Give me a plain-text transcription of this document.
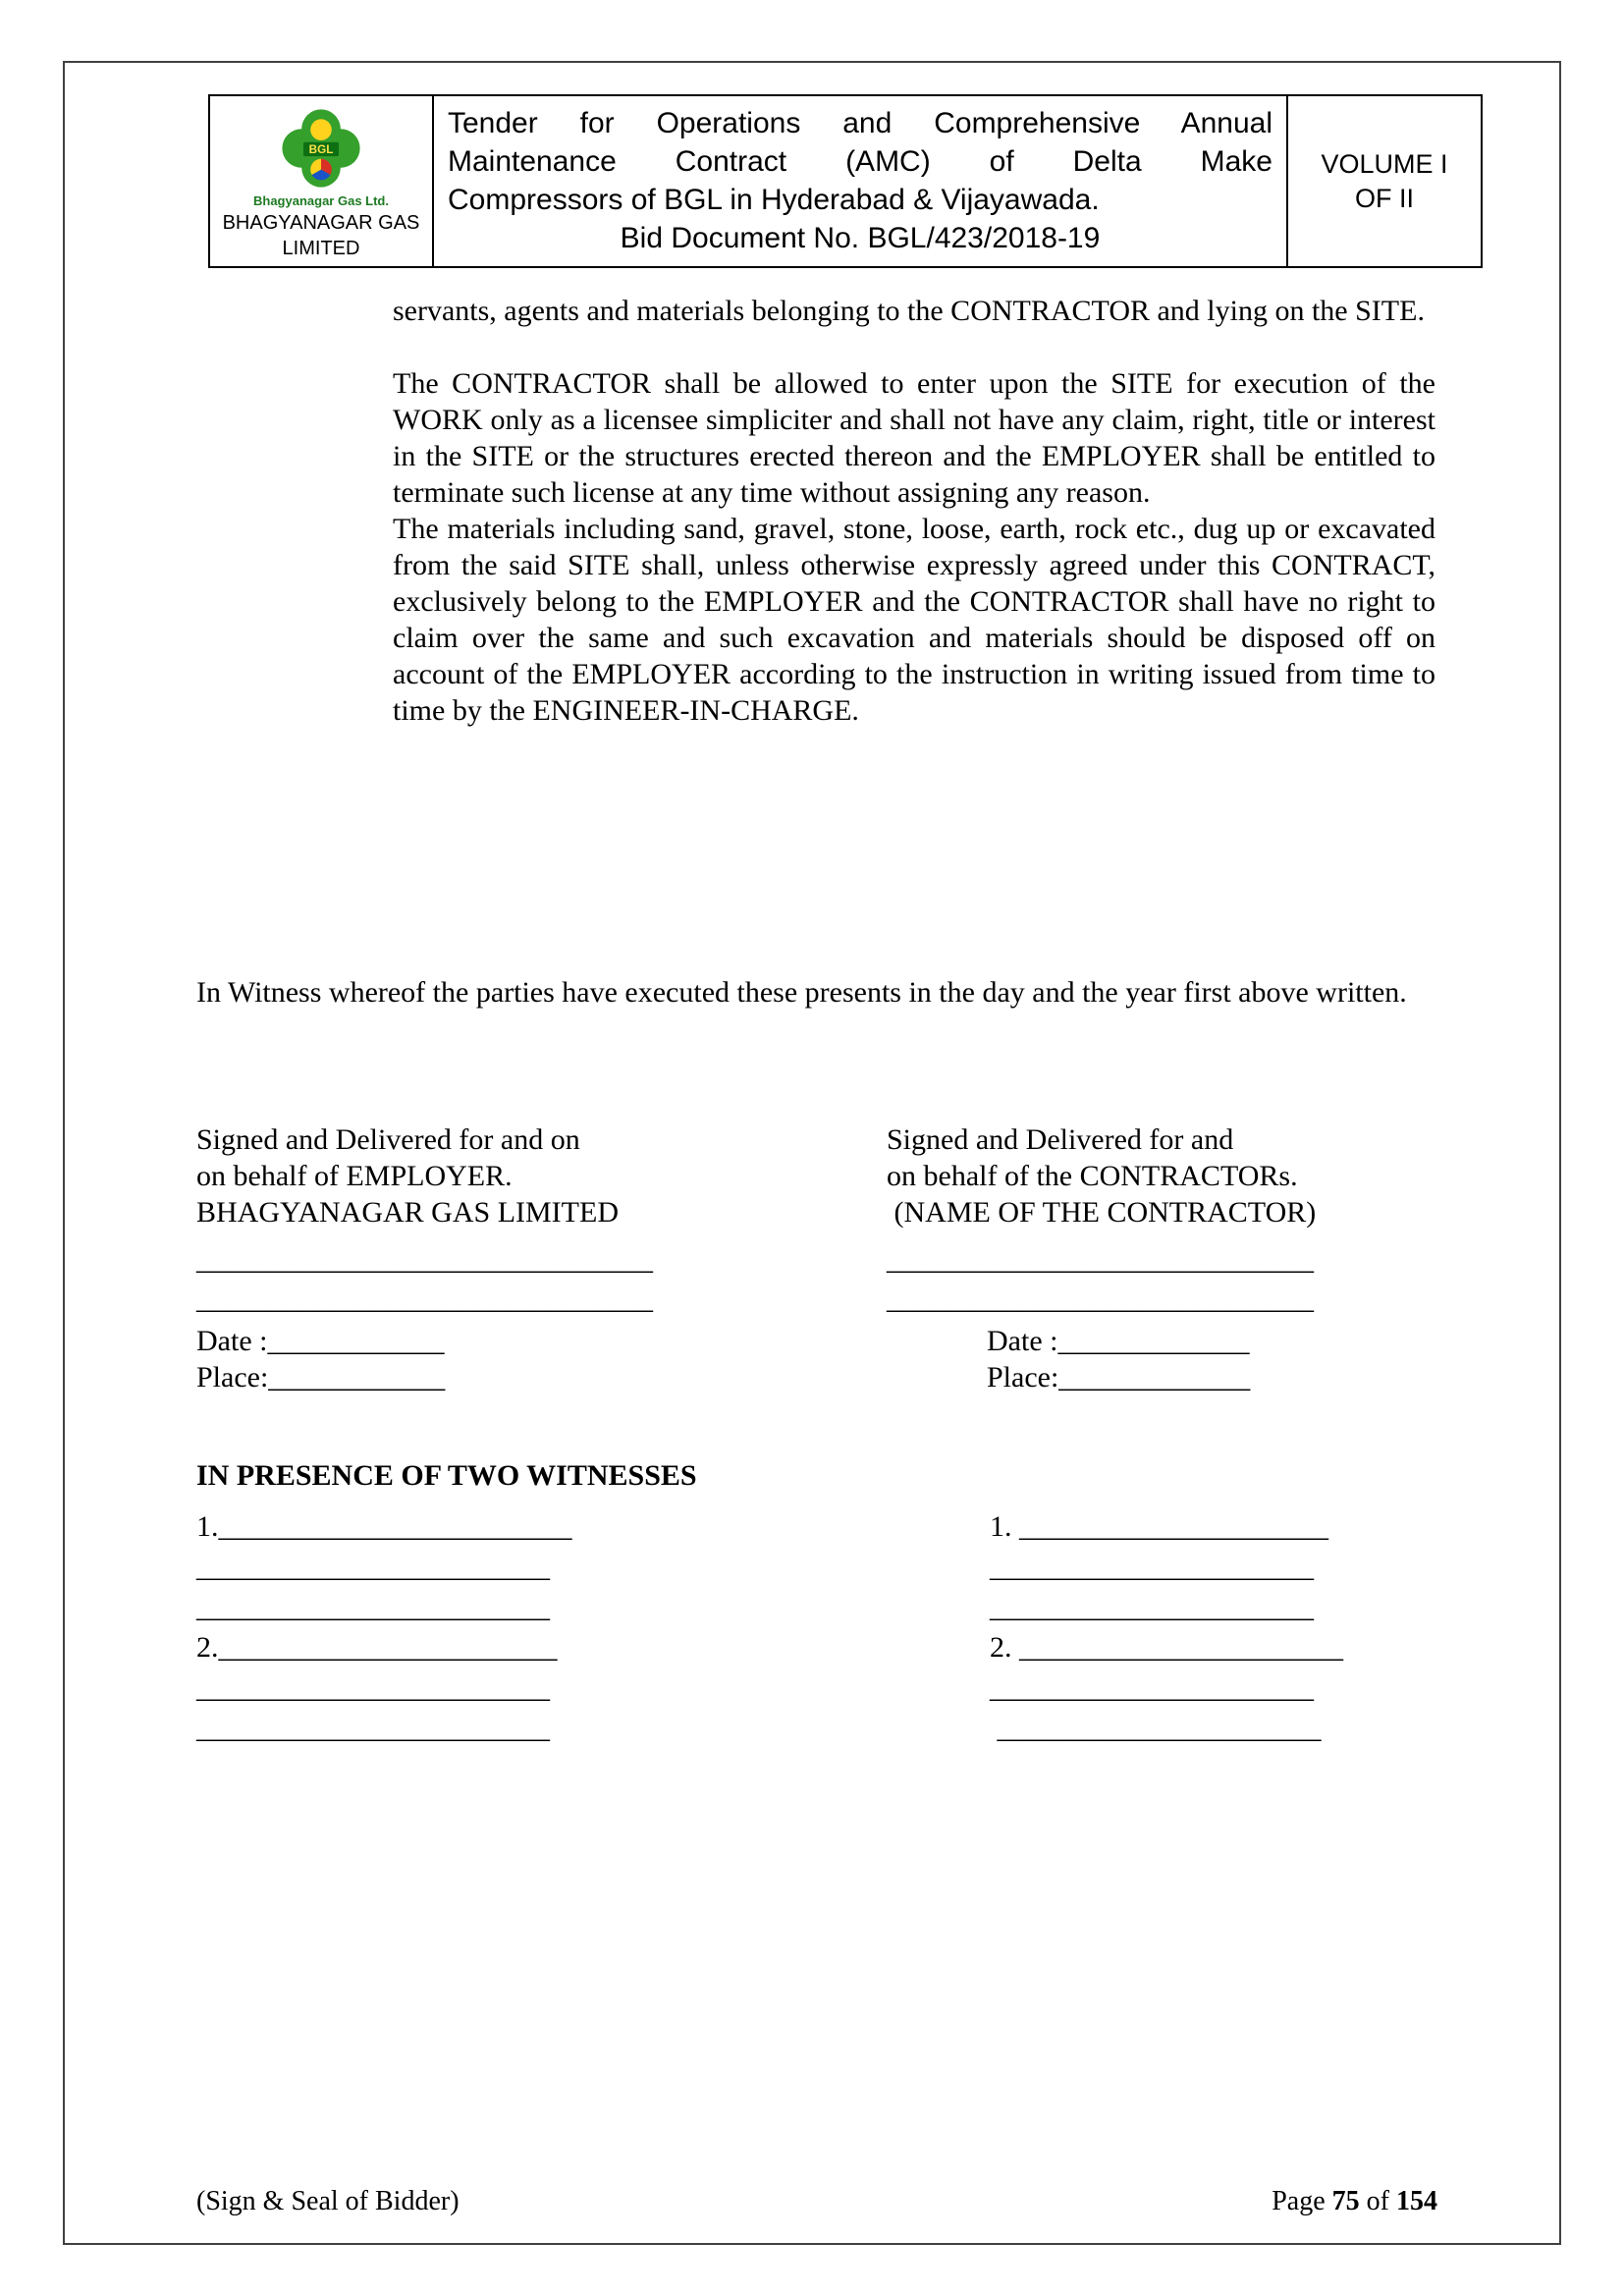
BGL
Bhagyanagar Gas Ltd.
BHAGYANAGAR GAS
LIMITED
Tender for Operations and Comprehensive Annual
Maintenance Contract (AMC) of Delta Make
Compressors of BGL in Hyderabad & Vijayawada.
Bid Document No. BGL/423/2018-19
VOLUME I
OF II

servants, agents and materials belonging to the CONTRACTOR and lying on the SITE.

The CONTRACTOR shall be allowed to enter upon the SITE for execution of the WORK only as a licensee simpliciter and shall not have any claim, right, title or interest in the SITE or the structures erected thereon and the EMPLOYER shall be entitled to terminate such license at any time without assigning any reason.

The materials including sand, gravel, stone, loose, earth, rock etc., dug up or excavated from the said SITE shall, unless otherwise expressly agreed under this CONTRACT, exclusively belong to the EMPLOYER and the CONTRACTOR shall have no right to claim over the same and such excavation and materials should be disposed off on account of the EMPLOYER according to the instruction in writing issued from time to time by the ENGINEER-IN-CHARGE.

In Witness whereof the parties have executed these presents in the day and the year first above written.
Signed and Delivered for and on
on behalf of EMPLOYER.
BHAGYANAGAR GAS LIMITED
_______________________________
_______________________________
Date :____________
Place:____________
Signed and Delivered for and
on behalf of the CONTRACTORs.
(NAME OF THE CONTRACTOR)
_____________________________
_____________________________
Date :_____________
Place:_____________
IN PRESENCE OF TWO WITNESSES
1.________________________
________________________
________________________
2._______________________
________________________
________________________
1. _____________________
______________________
______________________
2. ______________________
______________________
______________________
(Sign & Seal of Bidder)	Page 75 of 154
